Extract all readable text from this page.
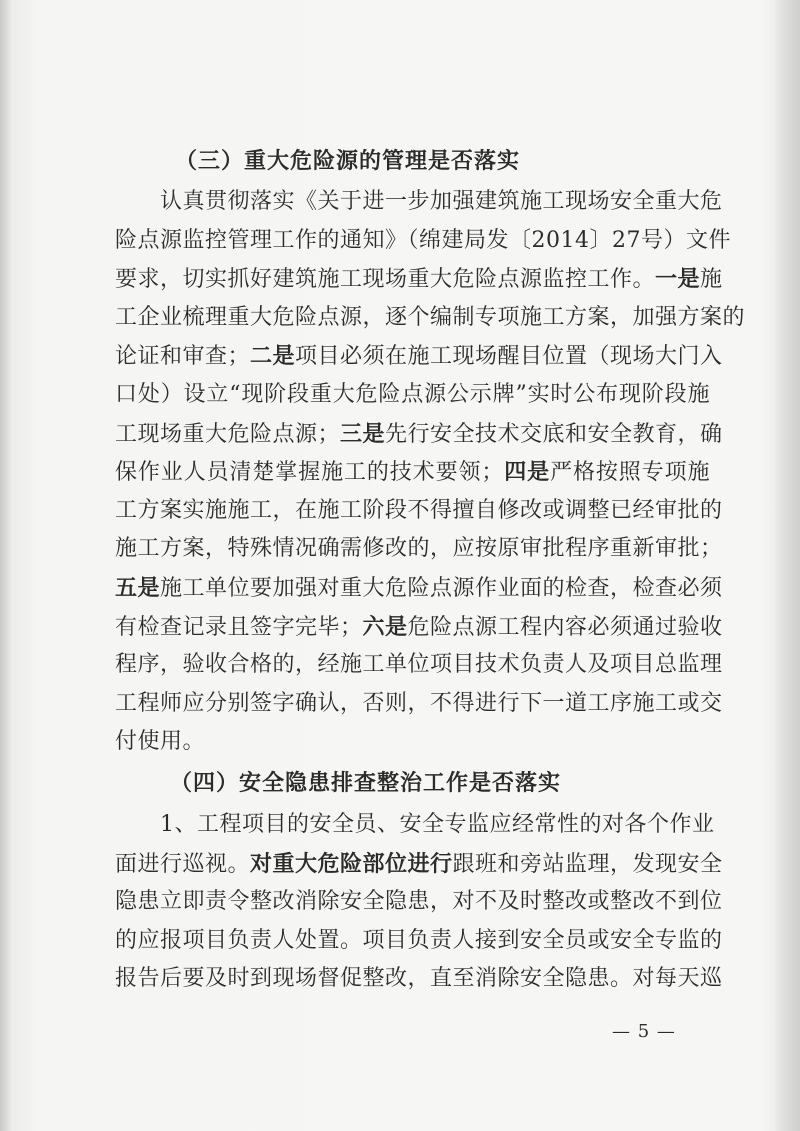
（三）重大危险源的管理是否落实
认真贯彻落实《关于进一步加强建筑施工现场安全重大危
险点源监控管理工作的通知》（绵建局发〔2014〕27号）文件
要求，切实抓好建筑施工现场重大危险点源监控工作。一是施
工企业梳理重大危险点源，逐个编制专项施工方案，加强方案的
论证和审查；二是项目必须在施工现场醒目位置（现场大门入
口处）设立“现阶段重大危险点源公示牌”实时公布现阶段施
工现场重大危险点源；三是先行安全技术交底和安全教育，确
保作业人员清楚掌握施工的技术要领；四是严格按照专项施
工方案实施施工，在施工阶段不得擅自修改或调整已经审批的
施工方案，特殊情况确需修改的，应按原审批程序重新审批；
五是施工单位要加强对重大危险点源作业面的检查，检查必须
有检查记录且签字完毕；六是危险点源工程内容必须通过验收
程序，验收合格的，经施工单位项目技术负责人及项目总监理
工程师应分别签字确认，否则，不得进行下一道工序施工或交
付使用。
（四）安全隐患排查整治工作是否落实
1、工程项目的安全员、安全专监应经常性的对各个作业
面进行巡视。对重大危险部位进行跟班和旁站监理，发现安全
隐患立即责令整改消除安全隐患，对不及时整改或整改不到位
的应报项目负责人处置。项目负责人接到安全员或安全专监的
报告后要及时到现场督促整改，直至消除安全隐患。对每天巡
— 5 —
